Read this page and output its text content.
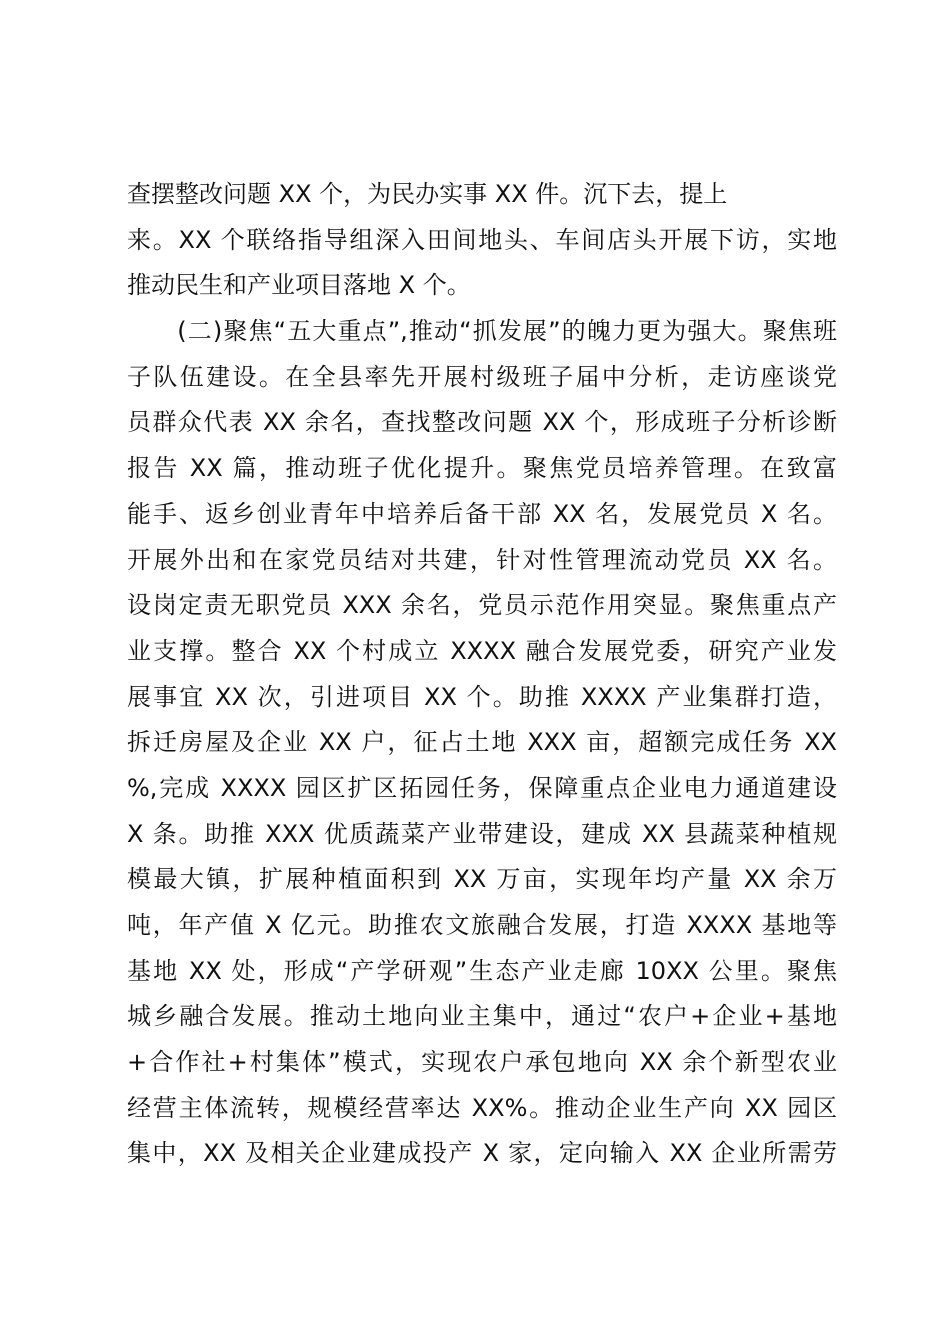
查摆整改问题 XX 个，为民办实事 XX 件。沉下去，提上
来。XX 个联络指导组深入田间地头、车间店头开展下访，实地
推动民生和产业项目落地 X 个。
　　(二)聚焦“五大重点”,推动“抓发展”的魄力更为强大。聚焦班
子队伍建设。在全县率先开展村级班子届中分析，走访座谈党
员群众代表 XX 余名，查找整改问题 XX 个，形成班子分析诊断
报告 XX 篇，推动班子优化提升。聚焦党员培养管理。在致富
能手、返乡创业青年中培养后备干部 XX 名，发展党员 X 名。
开展外出和在家党员结对共建，针对性管理流动党员 XX 名。
设岗定责无职党员 XXX 余名，党员示范作用突显。聚焦重点产
业支撑。整合 XX 个村成立 XXXX 融合发展党委，研究产业发
展事宜 XX 次，引进项目 XX 个。助推 XXXX 产业集群打造，
拆迁房屋及企业 XX 户，征占土地 XXX 亩，超额完成任务 XX
%,完成 XXXX 园区扩区拓园任务，保障重点企业电力通道建设
X 条。助推 XXX 优质蔬菜产业带建设，建成 XX 县蔬菜种植规
模最大镇，扩展种植面积到 XX 万亩，实现年均产量 XX 余万
吨，年产值 X 亿元。助推农文旅融合发展，打造 XXXX 基地等
基地 XX 处，形成“产学研观”生态产业走廊 10XX 公里。聚焦
城乡融合发展。推动土地向业主集中，通过“农户+企业+基地
+合作社+村集体”模式，实现农户承包地向 XX 余个新型农业
经营主体流转，规模经营率达 XX%。推动企业生产向 XX 园区
集中，XX 及相关企业建成投产 X 家，定向输入 XX 企业所需劳
